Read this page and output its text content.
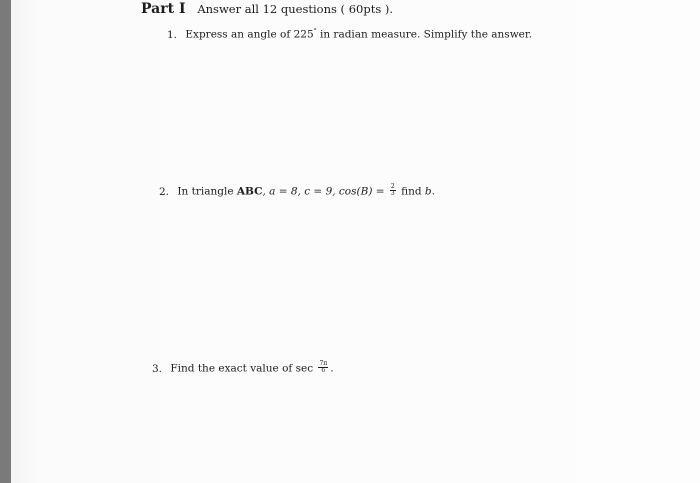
Part I Answer all 12 questions ( 60pts ).
1. Express an angle of 225° in radian measure. Simplify the answer.
2. In triangle ABC, a = 8, c = 9, $\cos(B) = \frac{2}{3}$ find b.
3. Find the exact value of $\sec \frac{7\pi}{6}$ .
